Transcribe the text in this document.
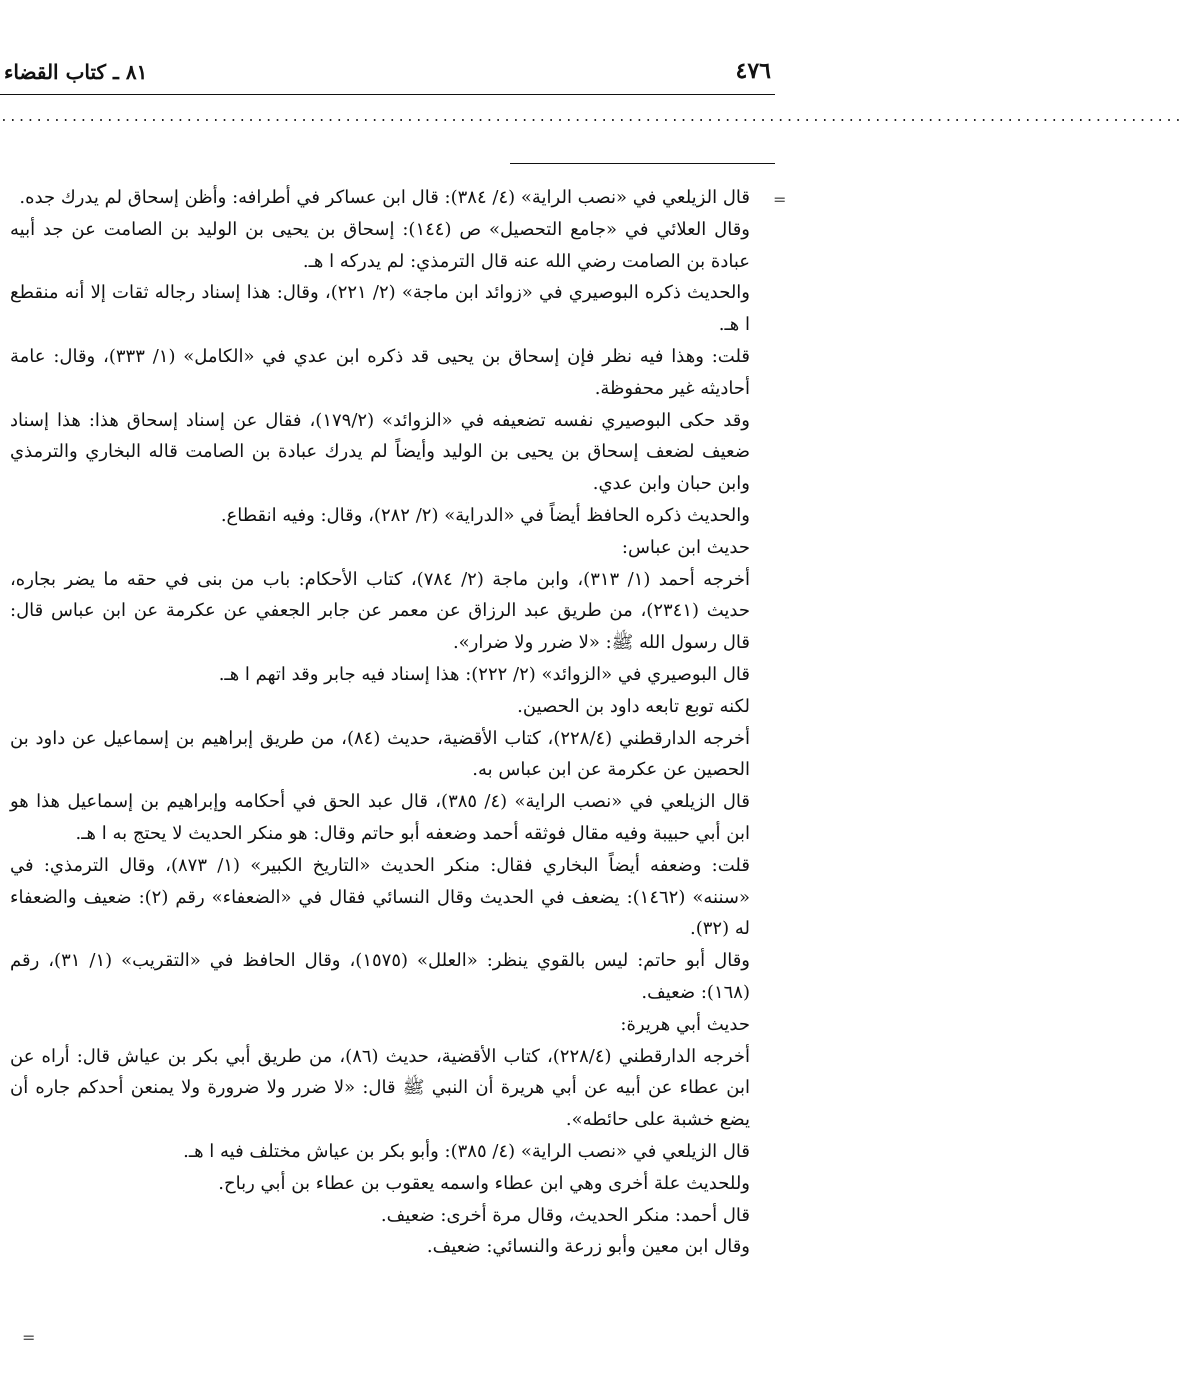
٤٧٦
٨١ ـ كتاب القضاء
......................................................................................................................................
=
=

قال الزيلعي في «نصب الراية» (٤/ ٣٨٤): قال ابن عساكر في أطرافه: وأظن إسحاق لم يدرك جده.

وقال العلائي في «جامع التحصيل» ص (١٤٤): إسحاق بن يحيى بن الوليد بن الصامت عن جد أبيه عبادة بن الصامت رضي الله عنه قال الترمذي: لم يدركه ا هـ.

والحديث ذكره البوصيري في «زوائد ابن ماجة» (٢/ ٢٢١)، وقال: هذا إسناد رجاله ثقات إلا أنه منقطع ا هـ.

قلت: وهذا فيه نظر فإن إسحاق بن يحيى قد ذكره ابن عدي في «الكامل» (١/ ٣٣٣)، وقال: عامة أحاديثه غير محفوظة.

وقد حكى البوصيري نفسه تضعيفه في «الزوائد» (١٧٩/٢)، فقال عن إسناد إسحاق هذا: هذا إسناد ضعيف لضعف إسحاق بن يحيى بن الوليد وأيضاً لم يدرك عبادة بن الصامت قاله البخاري والترمذي وابن حبان وابن عدي.

والحديث ذكره الحافظ أيضاً في «الدراية» (٢/ ٢٨٢)، وقال: وفيه انقطاع.

حديث ابن عباس:

أخرجه أحمد (١/ ٣١٣)، وابن ماجة (٢/ ٧٨٤)، كتاب الأحكام: باب من بنى في حقه ما يضر بجاره، حديث (٢٣٤١)، من طريق عبد الرزاق عن معمر عن جابر الجعفي عن عكرمة عن ابن عباس قال: قال رسول الله ﷺ: «لا ضرر ولا ضرار».

قال البوصيري في «الزوائد» (٢/ ٢٢٢): هذا إسناد فيه جابر وقد اتهم ا هـ.

لكنه توبع تابعه داود بن الحصين.

أخرجه الدارقطني (٢٢٨/٤)، كتاب الأقضية، حديث (٨٤)، من طريق إبراهيم بن إسماعيل عن داود بن الحصين عن عكرمة عن ابن عباس به.

قال الزيلعي في «نصب الراية» (٤/ ٣٨٥)، قال عبد الحق في أحكامه وإبراهيم بن إسماعيل هذا هو ابن أبي حبيبة وفيه مقال فوثقه أحمد وضعفه أبو حاتم وقال: هو منكر الحديث لا يحتج به ا هـ.

قلت: وضعفه أيضاً البخاري فقال: منكر الحديث «التاريخ الكبير» (١/ ٨٧٣)، وقال الترمذي: في «سننه» (١٤٦٢): يضعف في الحديث وقال النسائي فقال في «الضعفاء» رقم (٢): ضعيف والضعفاء له (٣٢).

وقال أبو حاتم: ليس بالقوي ينظر: «العلل» (١٥٧٥)، وقال الحافظ في «التقريب» (١/ ٣١)، رقم (١٦٨): ضعيف.

حديث أبي هريرة:

أخرجه الدارقطني (٢٢٨/٤)، كتاب الأقضية، حديث (٨٦)، من طريق أبي بكر بن عياش قال: أراه عن ابن عطاء عن أبيه عن أبي هريرة أن النبي ﷺ قال: «لا ضرر ولا ضرورة ولا يمنعن أحدكم جاره أن يضع خشبة على حائطه».

قال الزيلعي في «نصب الراية» (٤/ ٣٨٥): وأبو بكر بن عياش مختلف فيه ا هـ.

وللحديث علة أخرى وهي ابن عطاء واسمه يعقوب بن عطاء بن أبي رباح.

قال أحمد: منكر الحديث، وقال مرة أخرى: ضعيف.

وقال ابن معين وأبو زرعة والنسائي: ضعيف.
